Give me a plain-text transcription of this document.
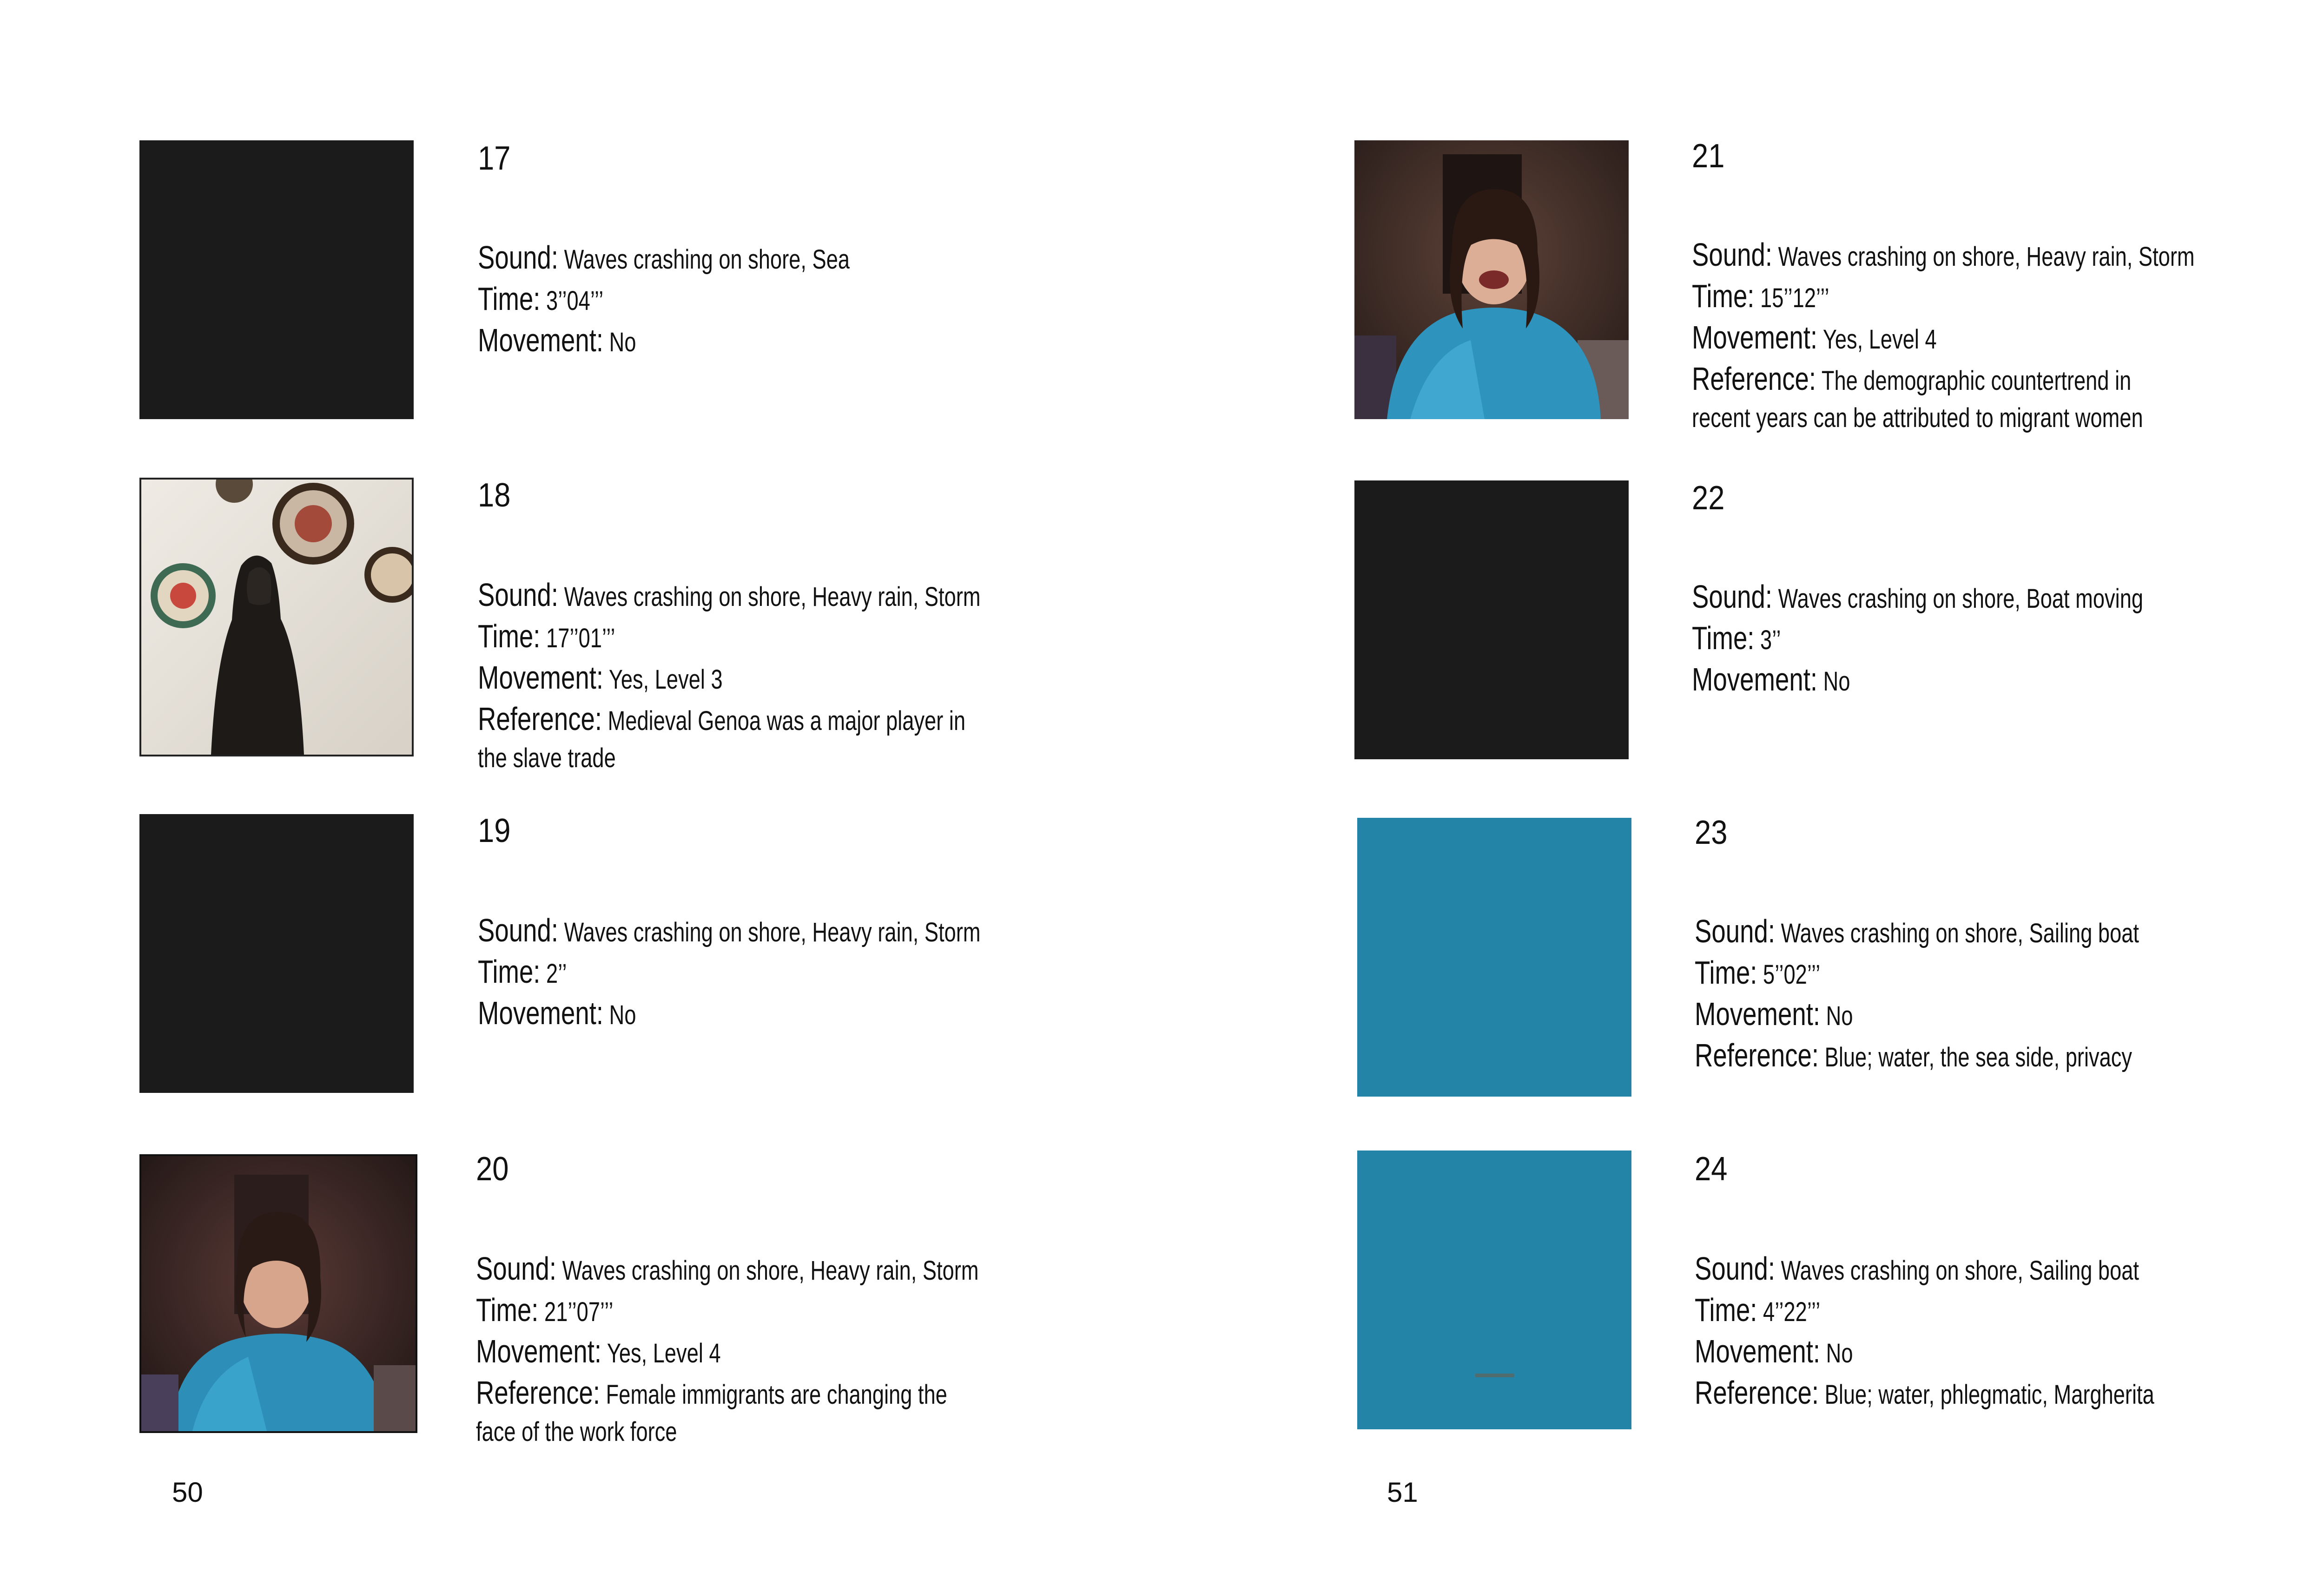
17
Sound: Waves crashing on shore, Sea
Time: 3’’04’’’
Movement: No
18
Sound: Waves crashing on shore, Heavy rain, Storm
Time: 17’’01’’’
Movement: Yes, Level 3
Reference: Medieval Genoa was a major player in
the slave trade
19
Sound: Waves crashing on shore, Heavy rain, Storm
Time: 2’’
Movement: No
20
Sound: Waves crashing on shore, Heavy rain, Storm
Time: 21’’07’’’
Movement: Yes, Level 4
Reference: Female immigrants are changing the
face of the work force
50
21
Sound: Waves crashing on shore, Heavy rain, Storm
Time: 15’’12’’’
Movement: Yes, Level 4
Reference: The demographic countertrend in
recent years can be attributed to migrant women
22
Sound: Waves crashing on shore, Boat moving
Time: 3’’
Movement: No
23
Sound: Waves crashing on shore, Sailing boat
Time: 5’’02’’’
Movement: No
Reference: Blue; water, the sea side, privacy
24
Sound: Waves crashing on shore, Sailing boat
Time: 4’’22’’’
Movement: No
Reference: Blue; water, phlegmatic, Margherita
51
